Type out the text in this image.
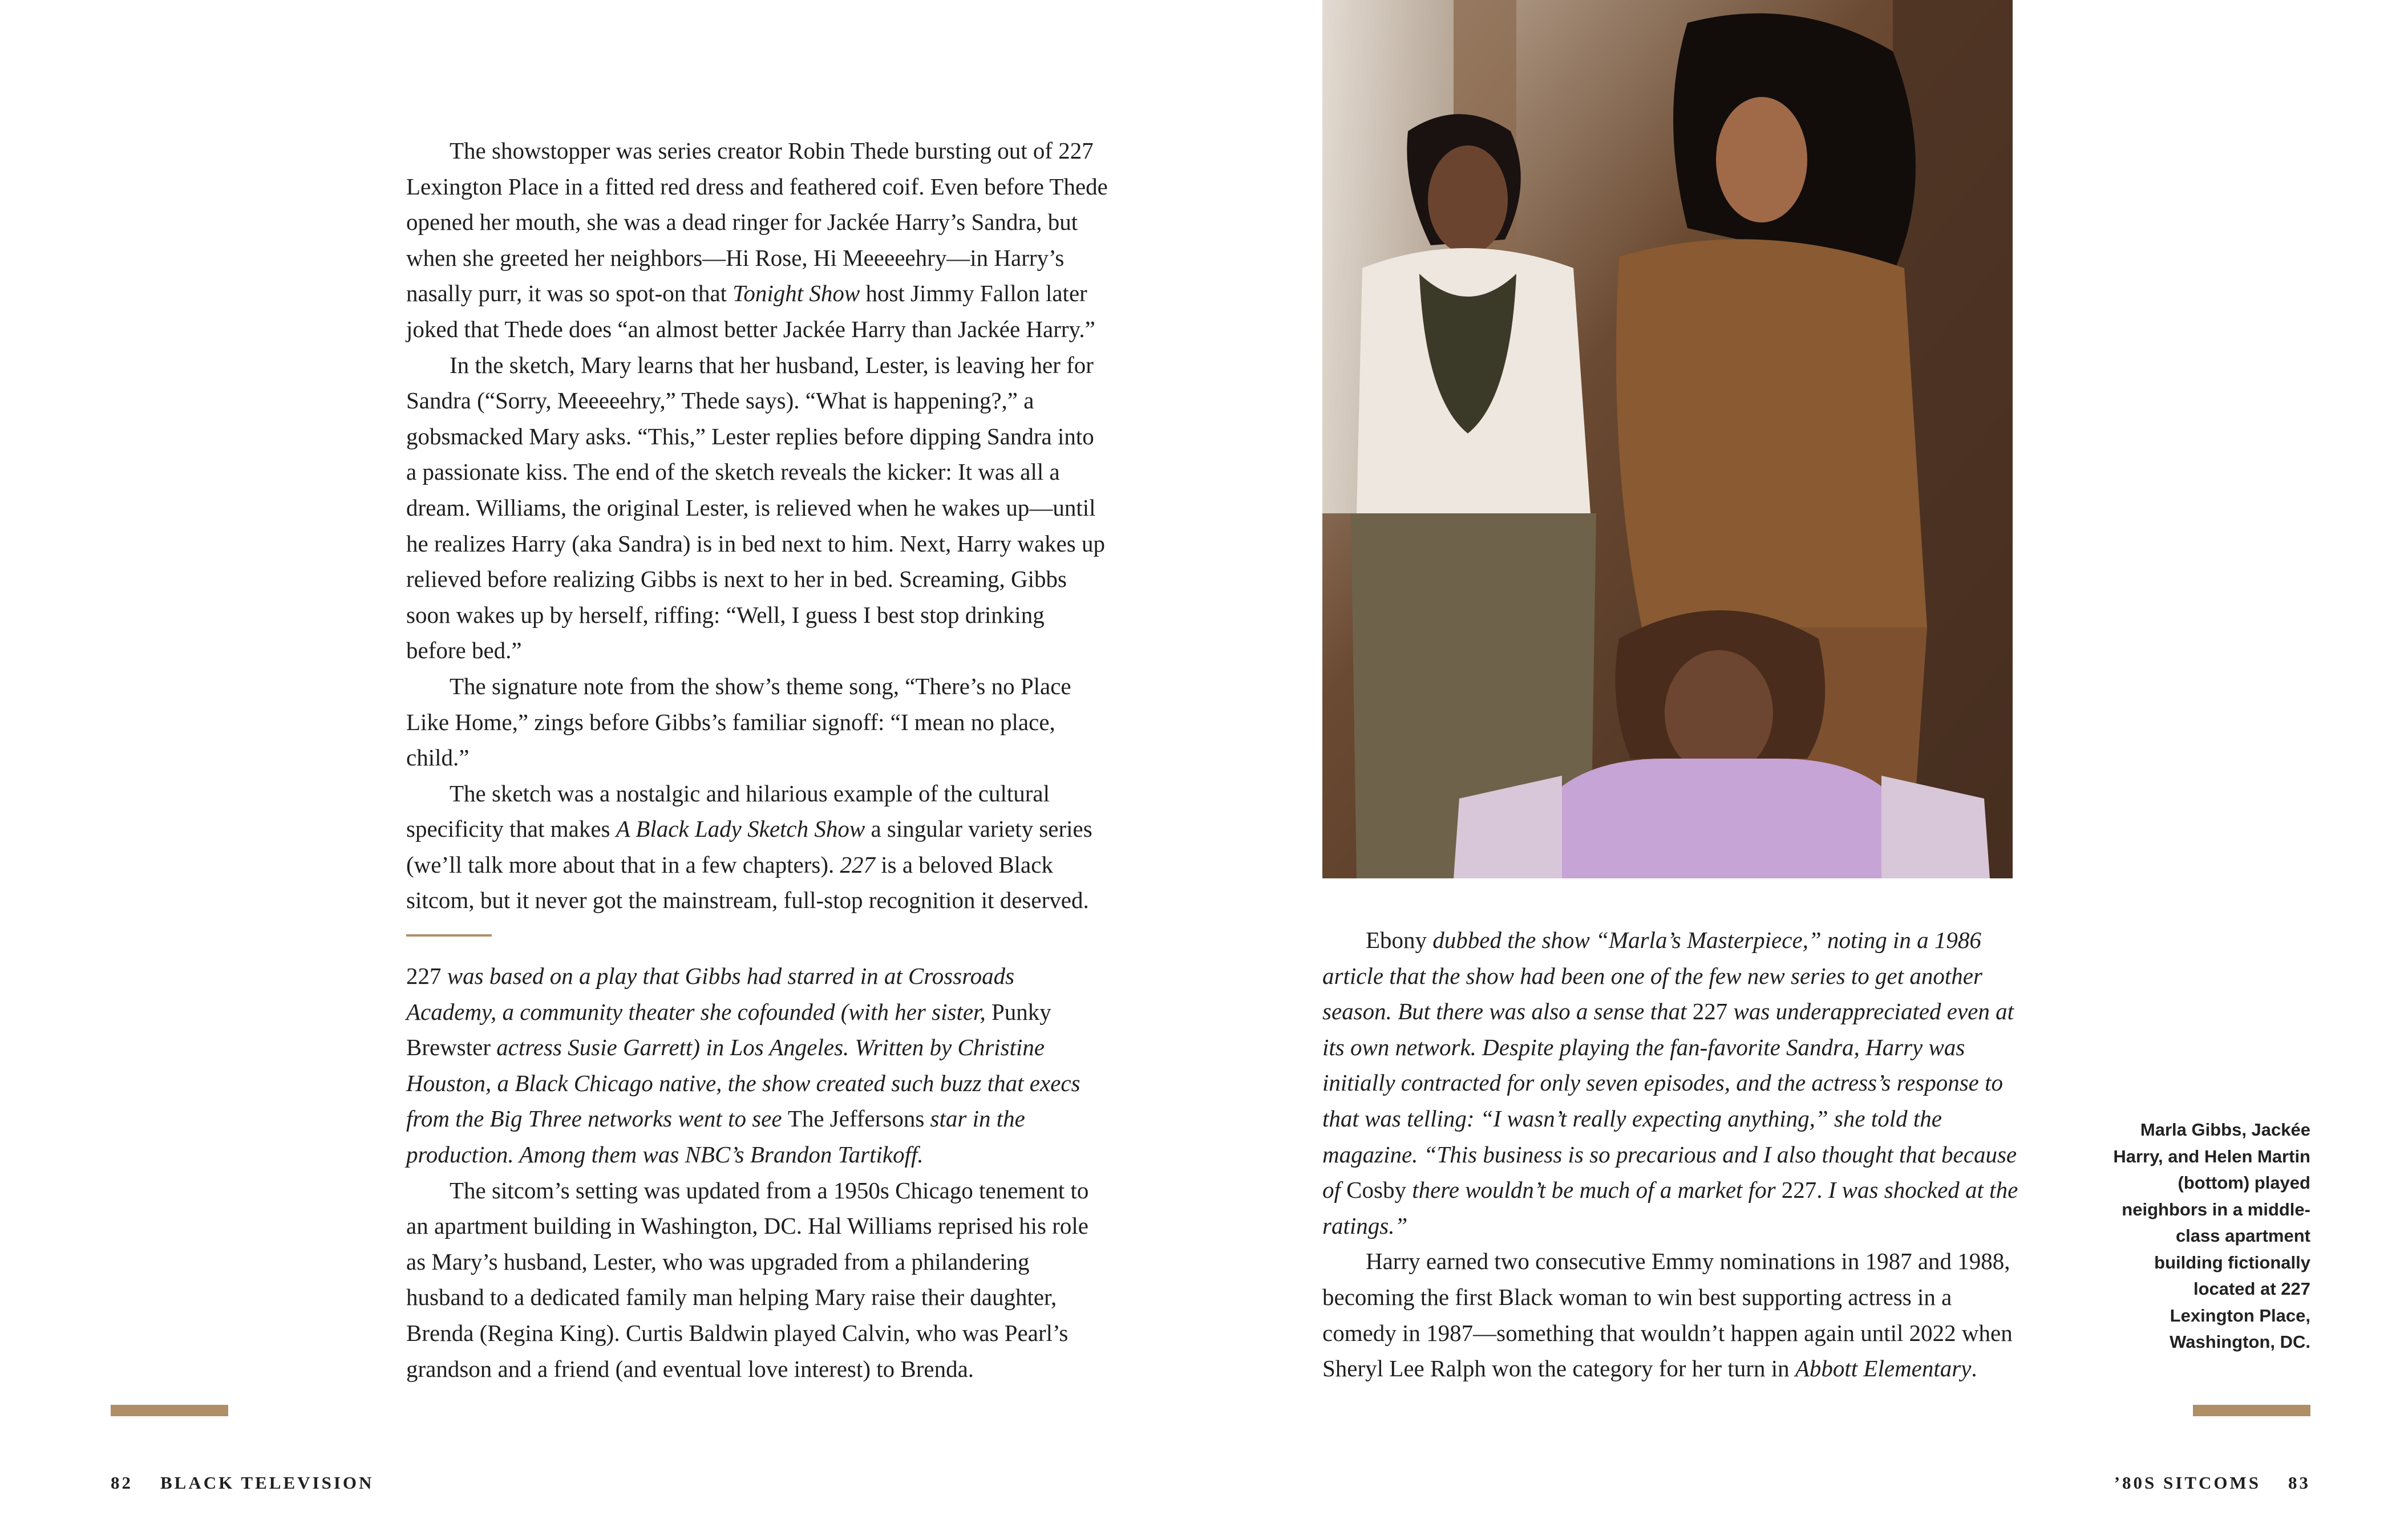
The showstopper was series creator Robin Thede bursting out of 227 Lexington Place in a fitted red dress and feathered coif. Even before Thede opened her mouth, she was a dead ringer for Jackée Harry’s Sandra, but when she greeted her neighbors—Hi Rose, Hi Meeeeehry—in Harry’s nasally purr, it was so spot-on that Tonight Show host Jimmy Fallon later joked that Thede does “an almost better Jackée Harry than Jackée Harry.”

In the sketch, Mary learns that her husband, Lester, is leaving her for Sandra (“Sorry, Meeeeehry,” Thede says). “What is happening?,” a gobsmacked Mary asks. “This,” Lester replies before dipping Sandra into a passionate kiss. The end of the sketch reveals the kicker: It was all a dream. Williams, the original Lester, is relieved when he wakes up—until he realizes Harry (aka Sandra) is in bed next to him. Next, Harry wakes up relieved before realizing Gibbs is next to her in bed. Screaming, Gibbs soon wakes up by herself, riffing: “Well, I guess I best stop drinking before bed.”

The signature note from the show’s theme song, “There’s no Place Like Home,” zings before Gibbs’s familiar signoff: “I mean no place, child.”

The sketch was a nostalgic and hilarious example of the cultural specificity that makes A Black Lady Sketch Show a singular variety series (we’ll talk more about that in a few chapters). 227 is a beloved Black sitcom, but it never got the mainstream, full-stop recognition it deserved.

227 was based on a play that Gibbs had starred in at Crossroads Academy, a community theater she cofounded (with her sister, Punky Brewster actress Susie Garrett) in Los Angeles. Written by Christine Houston, a Black Chicago native, the show created such buzz that execs from the Big Three networks went to see The Jeffersons star in the production. Among them was NBC’s Brandon Tartikoff.

The sitcom’s setting was updated from a 1950s Chicago tenement to an apartment building in Washington, DC. Hal Williams reprised his role as Mary’s husband, Lester, who was upgraded from a philandering husband to a dedicated family man helping Mary raise their daughter, Brenda (Regina King). Curtis Baldwin played Calvin, who was Pearl’s grandson and a friend (and eventual love interest) to Brenda.

82 BLACK TELEVISION	’80S SITCOMS 83

Ebony dubbed the show “Marla’s Masterpiece,” noting in a 1986 article that the show had been one of the few new series to get another season. But there was also a sense that 227 was underappreciated even at its own network. Despite playing the fan-favorite Sandra, Harry was initially contracted for only seven episodes, and the actress’s response to that was telling: “I wasn’t really expecting anything,” she told the magazine. “This business is so precarious and I also thought that because of Cosby there wouldn’t be much of a market for 227. I was shocked at the ratings.”

Harry earned two consecutive Emmy nominations in 1987 and 1988, becoming the first Black woman to win best supporting actress in a comedy in 1987—something that wouldn’t happen again until 2022 when Sheryl Lee Ralph won the category for her turn in Abbott Elementary.

Marla Gibbs, Jackée Harry, and Helen Martin (bottom) played neighbors in a middle-class apartment building fictionally located at 227 Lexington Place, Washington, DC.
